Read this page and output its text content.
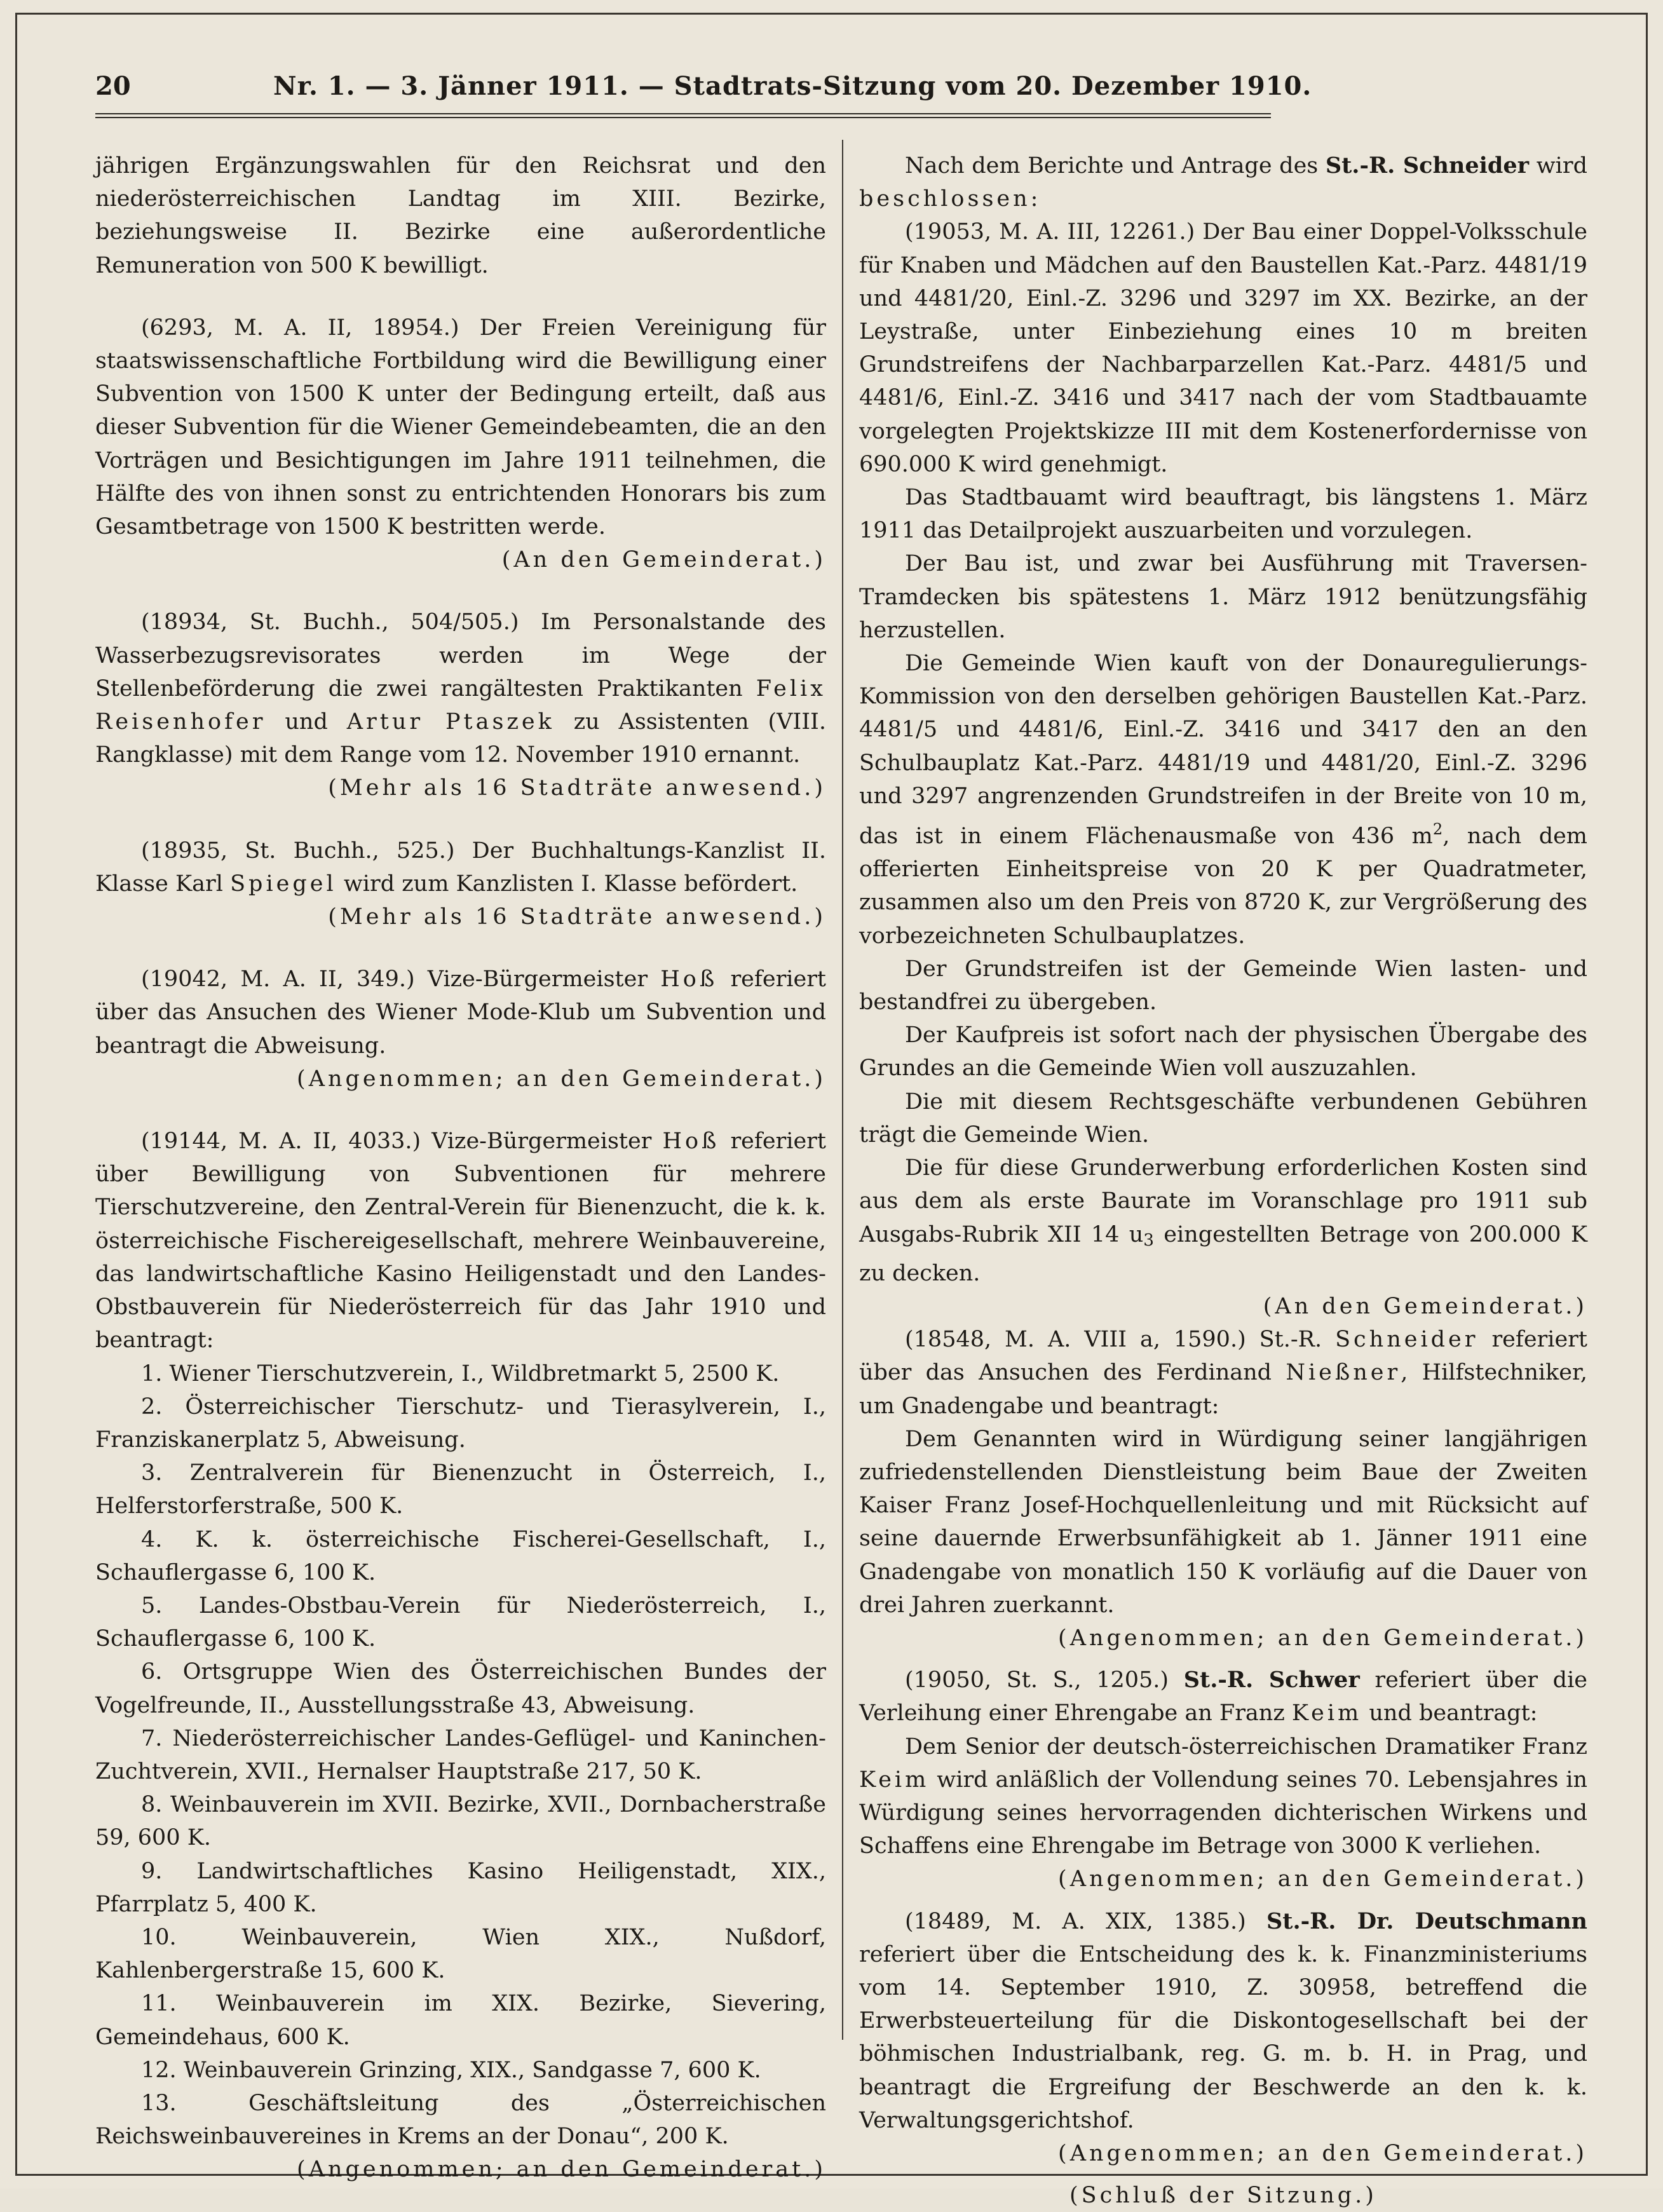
20	Nr. 1. — 3. Jänner 1911. — Stadtrats-Sitzung vom 20. Dezember 1910.

jährigen Ergänzungswahlen für den Reichsrat und den niederösterreichischen Landtag im XIII. Bezirke, beziehungsweise II. Bezirke eine außerordentliche Remuneration von 500 K bewilligt.

(6293, M. A. II, 18954.) Der Freien Vereinigung für staatswissenschaftliche Fortbildung wird die Bewilligung einer Subvention von 1500 K unter der Bedingung erteilt, daß aus dieser Subvention für die Wiener Gemeindebeamten, die an den Vorträgen und Besichtigungen im Jahre 1911 teilnehmen, die Hälfte des von ihnen sonst zu entrichtenden Honorars bis zum Gesamtbetrage von 1500 K bestritten werde.

(An den Gemeinderat.)

(18934, St. Buchh., 504/505.) Im Personalstande des Wasserbezugsrevisorates werden im Wege der Stellenbeförderung die zwei rangältesten Praktikanten Felix Reisenhofer und Artur Ptaszek zu Assistenten (VIII. Rangklasse) mit dem Range vom 12. November 1910 ernannt.

(Mehr als 16 Stadträte anwesend.)

(18935, St. Buchh., 525.) Der Buchhaltungs-Kanzlist II. Klasse Karl Spiegel wird zum Kanzlisten I. Klasse befördert.

(Mehr als 16 Stadträte anwesend.)

(19042, M. A. II, 349.) Vize-Bürgermeister Hoß referiert über das Ansuchen des Wiener Mode-Klub um Subvention und beantragt die Abweisung.

(Angenommen; an den Gemeinderat.)

(19144, M. A. II, 4033.) Vize-Bürgermeister Hoß referiert über Bewilligung von Subventionen für mehrere Tierschutzvereine, den Zentral-Verein für Bienenzucht, die k. k. österreichische Fischereigesellschaft, mehrere Weinbauvereine, das landwirtschaftliche Kasino Heiligenstadt und den Landes-Obstbauverein für Niederösterreich für das Jahr 1910 und beantragt:

1. Wiener Tierschutzverein, I., Wildbretmarkt 5, 2500 K.
2. Österreichischer Tierschutz- und Tierasylverein, I., Franziskanerplatz 5, Abweisung.
3. Zentralverein für Bienenzucht in Österreich, I., Helferstorferstraße, 500 K.
4. K. k. österreichische Fischerei-Gesellschaft, I., Schauflergasse 6, 100 K.
5. Landes-Obstbau-Verein für Niederösterreich, I., Schauflergasse 6, 100 K.
6. Ortsgruppe Wien des Österreichischen Bundes der Vogelfreunde, II., Ausstellungsstraße 43, Abweisung.
7. Niederösterreichischer Landes-Geflügel- und Kaninchen-Zuchtverein, XVII., Hernalser Hauptstraße 217, 50 K.
8. Weinbauverein im XVII. Bezirke, XVII., Dornbacherstraße 59, 600 K.
9. Landwirtschaftliches Kasino Heiligenstadt, XIX., Pfarrplatz 5, 400 K.
10. Weinbauverein, Wien XIX., Nußdorf, Kahlenbergerstraße 15, 600 K.
11. Weinbauverein im XIX. Bezirke, Sievering, Gemeindehaus, 600 K.
12. Weinbauverein Grinzing, XIX., Sandgasse 7, 600 K.
13. Geschäftsleitung des „Österreichischen Reichsweinbauvereines in Krems an der Donau“, 200 K.
(Angenommen; an den Gemeinderat.)

Nach dem Berichte und Antrage des St.-R. Schneider wird beschlossen:

(19053, M. A. III, 12261.) Der Bau einer Doppel-Volksschule für Knaben und Mädchen auf den Baustellen Kat.-Parz. 4481/19 und 4481/20, Einl.-Z. 3296 und 3297 im XX. Bezirke, an der Leystraße, unter Einbeziehung eines 10 m breiten Grundstreifens der Nachbarparzellen Kat.-Parz. 4481/5 und 4481/6, Einl.-Z. 3416 und 3417 nach der vom Stadtbauamte vorgelegten Projektskizze III mit dem Kostenerfordernisse von 690.000 K wird genehmigt.

Das Stadtbauamt wird beauftragt, bis längstens 1. März 1911 das Detailprojekt auszuarbeiten und vorzulegen.

Der Bau ist, und zwar bei Ausführung mit Traversen-Tramdecken bis spätestens 1. März 1912 benützungsfähig herzustellen.

Die Gemeinde Wien kauft von der Donauregulierungs-Kommission von den derselben gehörigen Baustellen Kat.-Parz. 4481/5 und 4481/6, Einl.-Z. 3416 und 3417 den an den Schulbauplatz Kat.-Parz. 4481/19 und 4481/20, Einl.-Z. 3296 und 3297 angrenzenden Grundstreifen in der Breite von 10 m, das ist in einem Flächenausmaße von 436 $m^2$, nach dem offerierten Einheitspreise von 20 K per Quadratmeter, zusammen also um den Preis von 8720 K, zur Vergrößerung des vorbezeichneten Schulbauplatzes.

Der Grundstreifen ist der Gemeinde Wien lasten- und bestandfrei zu übergeben.

Der Kaufpreis ist sofort nach der physischen Übergabe des Grundes an die Gemeinde Wien voll auszuzahlen.

Die mit diesem Rechtsgeschäfte verbundenen Gebühren trägt die Gemeinde Wien.

Die für diese Grunderwerbung erforderlichen Kosten sind aus dem als erste Baurate im Voranschlage pro 1911 sub Ausgabs-Rubrik XII 14 $u_3$ eingestellten Betrage von 200.000 K zu decken.

(An den Gemeinderat.)

(18548, M. A. VIII a, 1590.) St.-R. Schneider referiert über das Ansuchen des Ferdinand Nießner, Hilfstechniker, um Gnadengabe und beantragt:

Dem Genannten wird in Würdigung seiner langjährigen zufriedenstellenden Dienstleistung beim Baue der Zweiten Kaiser Franz Josef-Hochquellenleitung und mit Rücksicht auf seine dauernde Erwerbsunfähigkeit ab 1. Jänner 1911 eine Gnadengabe von monatlich 150 K vorläufig auf die Dauer von drei Jahren zuerkannt.

(Angenommen; an den Gemeinderat.)

(19050, St. S., 1205.) St.-R. Schwer referiert über die Verleihung einer Ehrengabe an Franz Keim und beantragt:

Dem Senior der deutsch-österreichischen Dramatiker Franz Keim wird anläßlich der Vollendung seines 70. Lebensjahres in Würdigung seines hervorragenden dichterischen Wirkens und Schaffens eine Ehrengabe im Betrage von 3000 K verliehen.

(Angenommen; an den Gemeinderat.)

(18489, M. A. XIX, 1385.) St.-R. Dr. Deutschmann referiert über die Entscheidung des k. k. Finanzministeriums vom 14. September 1910, Z. 30958, betreffend die Erwerbsteuerteilung für die Diskontogesellschaft bei der böhmischen Industrialbank, reg. G. m. b. H. in Prag, und beantragt die Ergreifung der Beschwerde an den k. k. Verwaltungsgerichtshof.

(Angenommen; an den Gemeinderat.)
(Schluß der Sitzung.)
